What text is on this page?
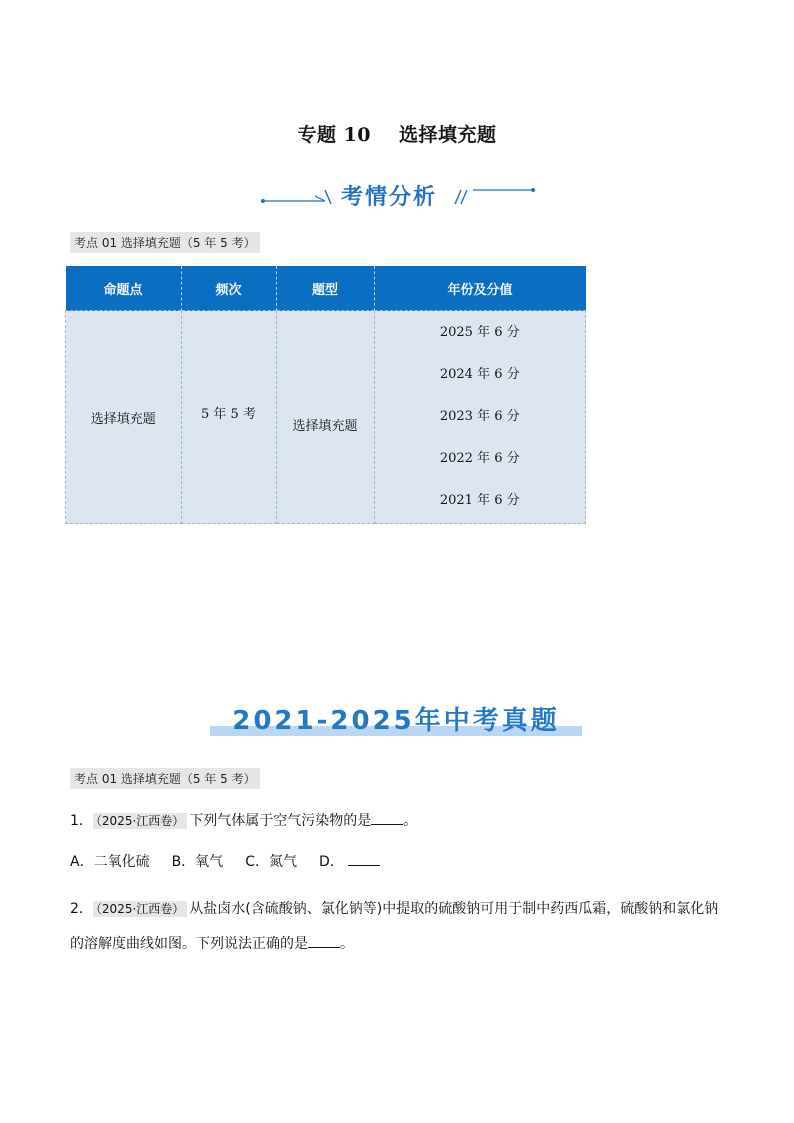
专题 10 选择填充题
考情分析
考点 01 选择填充题（5 年 5 考）
命题点	频次	题型	年份及分值
选择填充题	5 年 5 考	选择填充题	2025 年 6 分
2024 年 6 分
2023 年 6 分
2022 年 6 分
2021 年 6 分
2021-2025年中考真题
考点 01 选择填充题（5 年 5 考）
1． （2025·江西卷） 下列气体属于空气污染物的是 。
A．二氧化硫 B．氧气 C．氮气 D．
2． （2025·江西卷） 从盐卤水(含硫酸钠、氯化钠等)中提取的硫酸钠可用于制中药西瓜霜，硫酸钠和氯化钠的溶解度曲线如图。下列说法正确的是 。
